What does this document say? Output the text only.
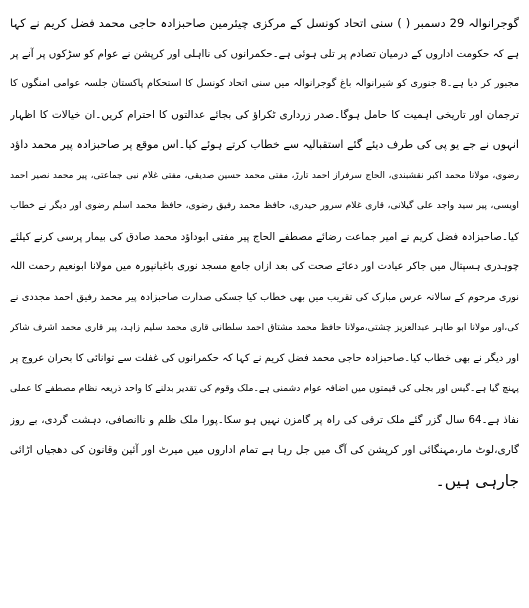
گوجرانوالہ 29 دسمبر ( ) سنی اتحاد کونسل کے مرکزی چیئرمین صاحبزادہ حاجی محمد فضل کریم نے کہا
ہے کہ حکومت اداروں کے درمیان تصادم پر تلی ہوئی ہے۔حکمرانوں کی نااہلی اور کرپشن نے عوام کو سڑکوں پر آنے پر
مجبور کر دیا ہے۔8 جنوری کو شیرانوالہ باغ گوجرانوالہ میں سنی اتحاد کونسل کا استحکام پاکستان جلسہ عوامی امنگوں کا
ترجمان اور تاریخی اہمیت کا حامل ہوگا۔صدر زرداری ٹکراؤ کی بجائے عدالتوں کا احترام کریں۔ان خیالات کا اظہار
انہوں نے جے یو پی کی طرف دیئے گئے استقبالیہ سے خطاب کرتے ہوئے کیا۔اس موقع پر صاحبزادہ پیر محمد داؤد
رضوی، مولانا محمد اکبر نقشبندی، الحاج سرفراز احمد تارڑ، مفتی محمد حسین صدیقی، مفتی غلام نبی جماعتی، پیر محمد نصیر احمد
اویسی، پیر سید واجد علی گیلانی، قاری غلام سرور حیدری، حافظ محمد رفیق رضوی، حافظ محمد اسلم رضوی اور دیگر نے خطاب
کیا۔صاحبزادہ فضل کریم نے امیر جماعت رضائے مصطفے الحاج پیر مفتی ابوداؤد محمد صادق کی بیمار پرسی کرنے کیلئے
چوہدری ہسپتال میں جاکر عیادت اور دعائے صحت کی بعد ازاں جامع مسجد نوری باغبانپورہ میں مولانا ابونعیم رحمت اللہ
نوری مرحوم کے سالانہ عرس مبارک کی تقریب میں بھی خطاب کیا جسکی صدارت صاحبزادہ پیر محمد رفیق احمد مجددی نے
کی،اور مولانا ابو طاہر عبدالعزیز چشتی،مولانا حافظ محمد مشتاق احمد سلطانی قاری محمد سلیم زاہد، پیر قاری محمد اشرف شاکر
اور دیگر نے بھی خطاب کیا۔صاحبزادہ حاجی محمد فضل کریم نے کہا کہ حکمرانوں کی غفلت سے توانائی کا بحران عروج پر
پہنچ گیا ہے۔گیس اور بجلی کی قیمتوں میں اضافہ عوام دشمنی ہے۔ملک وقوم کی تقدیر بدلنے کا واحد ذریعہ نظام مصطفے کا عملی
نفاذ ہے۔64 سال گزر گئے ملک ترقی کی راہ پر گامزن نہیں ہو سکا۔پورا ملک ظلم و ناانصافی، دہشت گردی، بے روز
گاری،لوٹ مار،مہنگائی اور کرپشن کی آگ میں جل رہا ہے تمام اداروں میں میرٹ اور آئین وقانون کی دھجیاں اڑائی
جارہی ہیں۔
